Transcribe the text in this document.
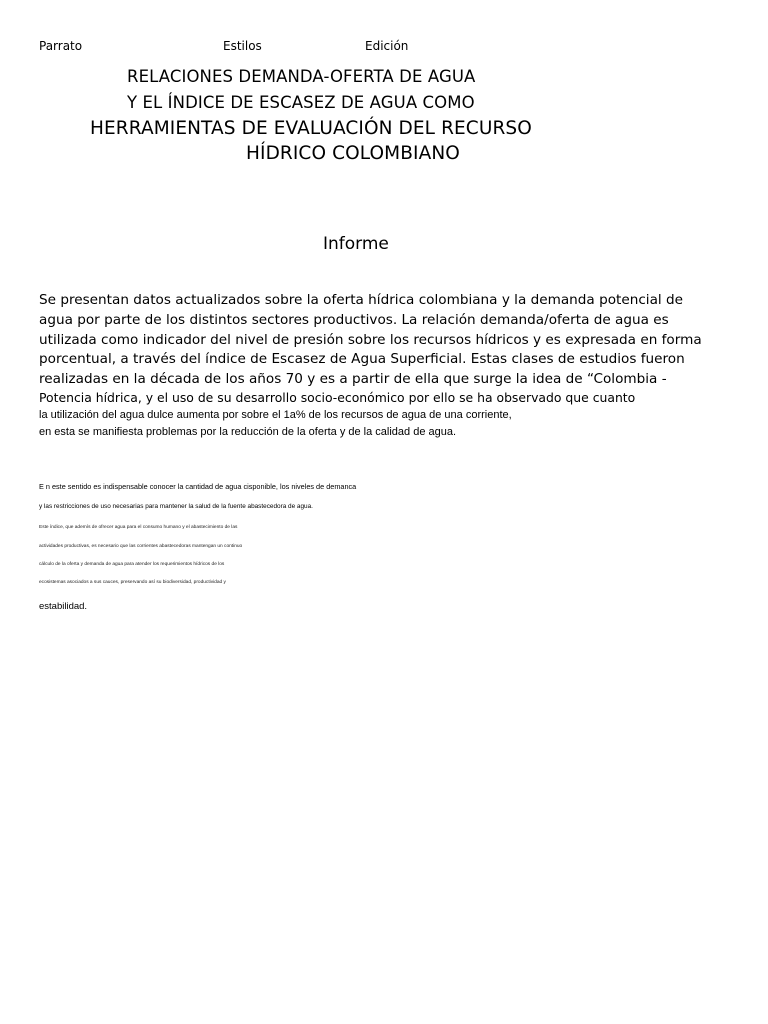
Parrato	Estilos	Edición
RELACIONES DEMANDA-OFERTA DE AGUA
Y EL ÍNDICE DE ESCASEZ DE AGUA COMO
HERRAMIENTAS DE EVALUACIÓN DEL RECURSO
HÍDRICO COLOMBIANO
Informe
Se presentan datos actualizados sobre la oferta hídrica colombiana y la demanda potencial de
agua por parte de los distintos sectores productivos. La relación demanda/oferta de agua es
utilizada como indicador del nivel de presión sobre los recursos hídricos y es expresada en forma
porcentual, a través del índice de Escasez de Agua Superficial. Estas clases de estudios fueron
realizadas en la década de los años 70 y es a partir de ella que surge la idea de “Colombia -
Potencia hídrica, y el uso de su desarrollo socio-económico por ello se ha observado que cuanto
la utilización del agua dulce aumenta por sobre el 1a% de los recursos de agua de una corriente,
en esta se manifiesta problemas por la reducción de la oferta y de la calidad de agua.
E n este sentido es indispensable conocer la cantidad de agua cisponible, los niveles de demanca
y las restricciones de uso necesarias para mantener la salud de la fuente abastecedora de agua.
Este índice, que ademís de ofrecer agua para el consumo humano y el abastecimiento de las
actividades productivas, es necesario que las corrientes abastecedoras mantengan un continuo
cálculo de la oferta y demanda de agua para atender los requerimientos hídricos de los
ecosistemas asociados a sus cauces, preservando así su biodiversidad, productividad y
estabilidad.
